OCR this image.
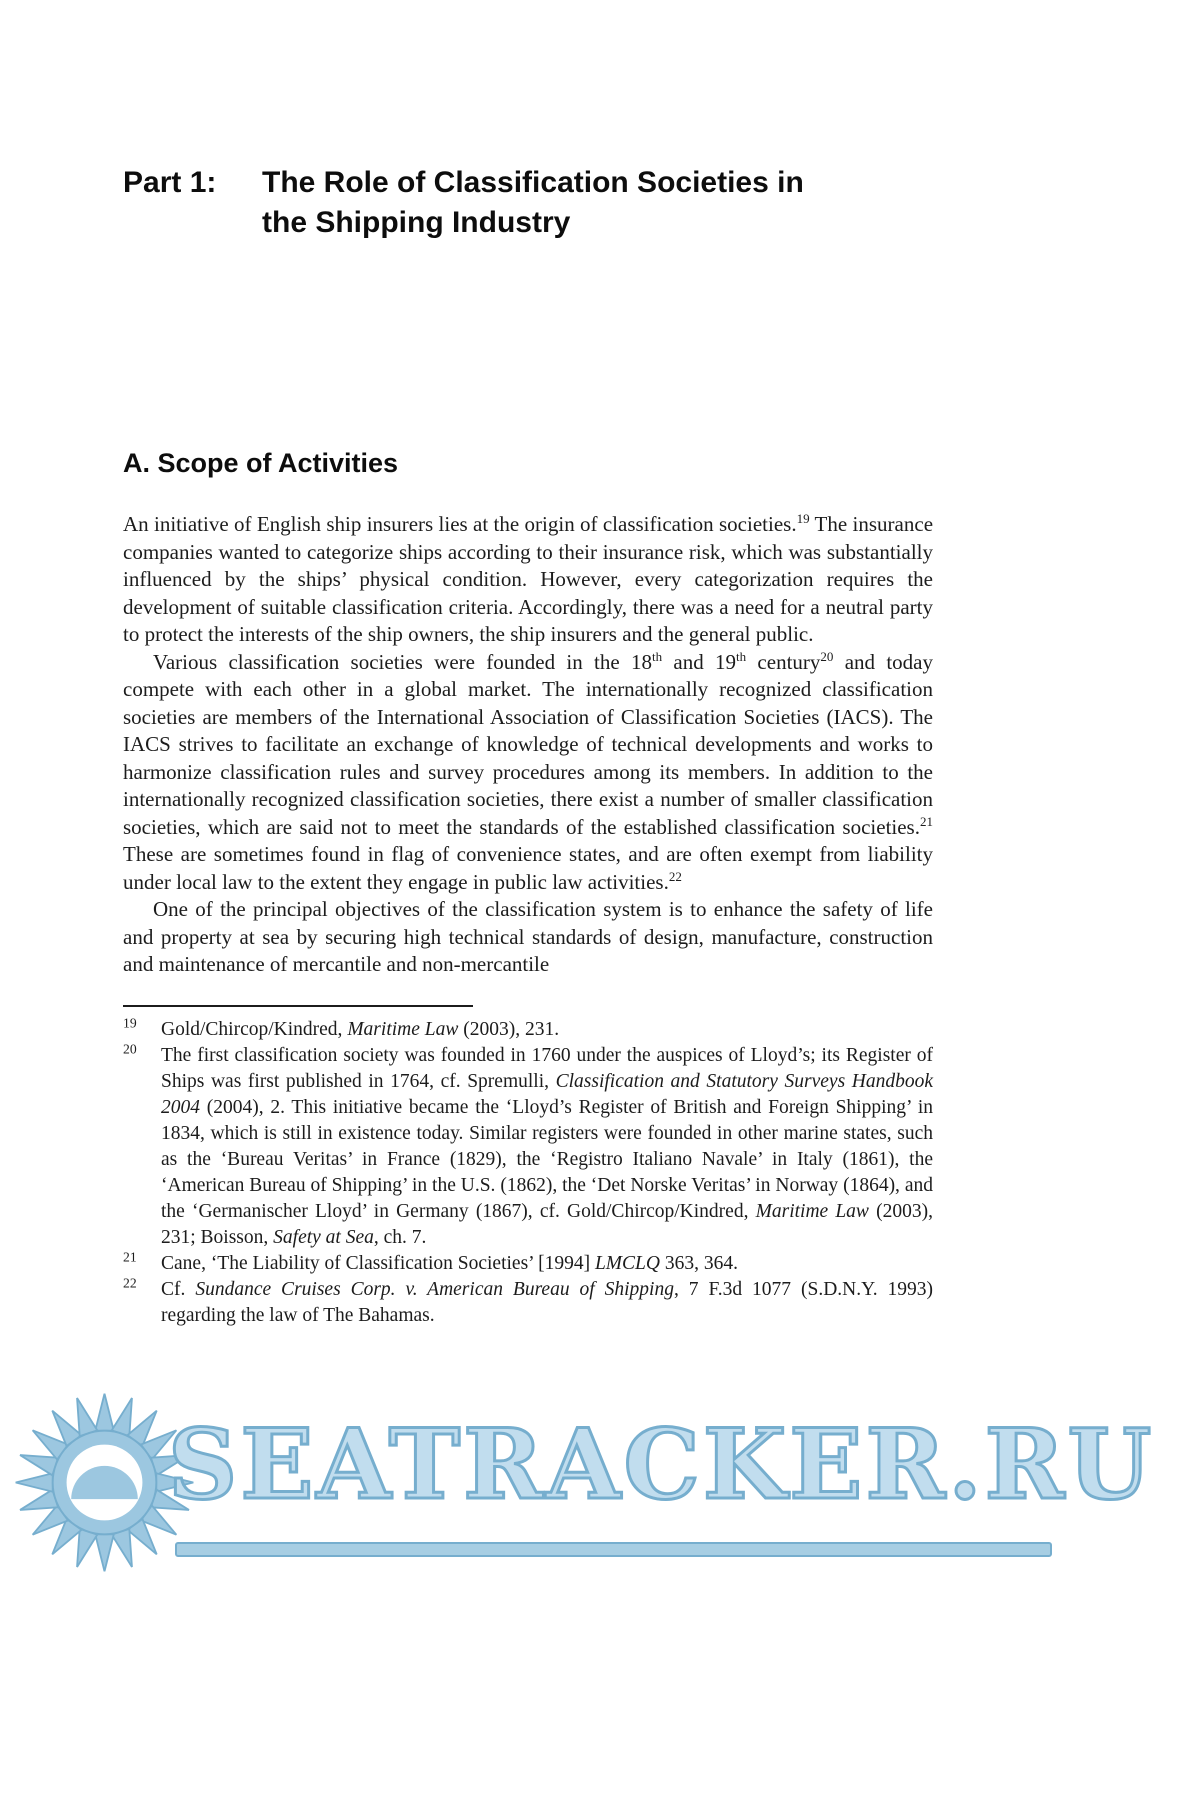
Part 1:	The Role of Classification Societies in
the Shipping Industry
A. Scope of Activities

An initiative of English ship insurers lies at the origin of classification societies.$^{19}$ The insurance companies wanted to categorize ships according to their insurance risk, which was substantially influenced by the ships’ physical condition. However, every categorization requires the development of suitable classification criteria. Accordingly, there was a need for a neutral party to protect the interests of the ship owners, the ship insurers and the general public.

Various classification societies were founded in the 18th and 19th century$^{20}$ and today compete with each other in a global market. The internationally recognized classification societies are members of the International Association of Classification Societies (IACS). The IACS strives to facilitate an exchange of knowledge of technical developments and works to harmonize classification rules and survey procedures among its members. In addition to the internationally recognized classification societies, there exist a number of smaller classification societies, which are said not to meet the standards of the established classification societies.$^{21}$ These are sometimes found in flag of convenience states, and are often exempt from liability under local law to the extent they engage in public law activities.$^{22}$

One of the principal objectives of the classification system is to enhance the safety of life and property at sea by securing high technical standards of design, manufacture, construction and maintenance of mercantile and non-mercantile

$^{19}$	Gold/Chircop/Kindred, Maritime Law (2003), 231.
$^{20}$	The first classification society was founded in 1760 under the auspices of Lloyd’s; its Register of Ships was first published in 1764, cf. Spremulli, Classification and Statutory Surveys Handbook 2004 (2004), 2. This initiative became the ‘Lloyd’s Register of British and Foreign Shipping’ in 1834, which is still in existence today. Similar registers were founded in other marine states, such as the ‘Bureau Veritas’ in France (1829), the ‘Registro Italiano Navale’ in Italy (1861), the ‘American Bureau of Shipping’ in the U.S. (1862), the ‘Det Norske Veritas’ in Norway (1864), and the ‘Germanischer Lloyd’ in Germany (1867), cf. Gold/Chircop/Kindred, Maritime Law (2003), 231; Boisson, Safety at Sea, ch. 7.
$^{21}$	Cane, ‘The Liability of Classification Societies’ [1994] LMCLQ 363, 364.
$^{22}$	Cf. Sundance Cruises Corp. v. American Bureau of Shipping, 7 F.3d 1077 (S.D.N.Y. 1993) regarding the law of The Bahamas.
SEATRACKER.RU
